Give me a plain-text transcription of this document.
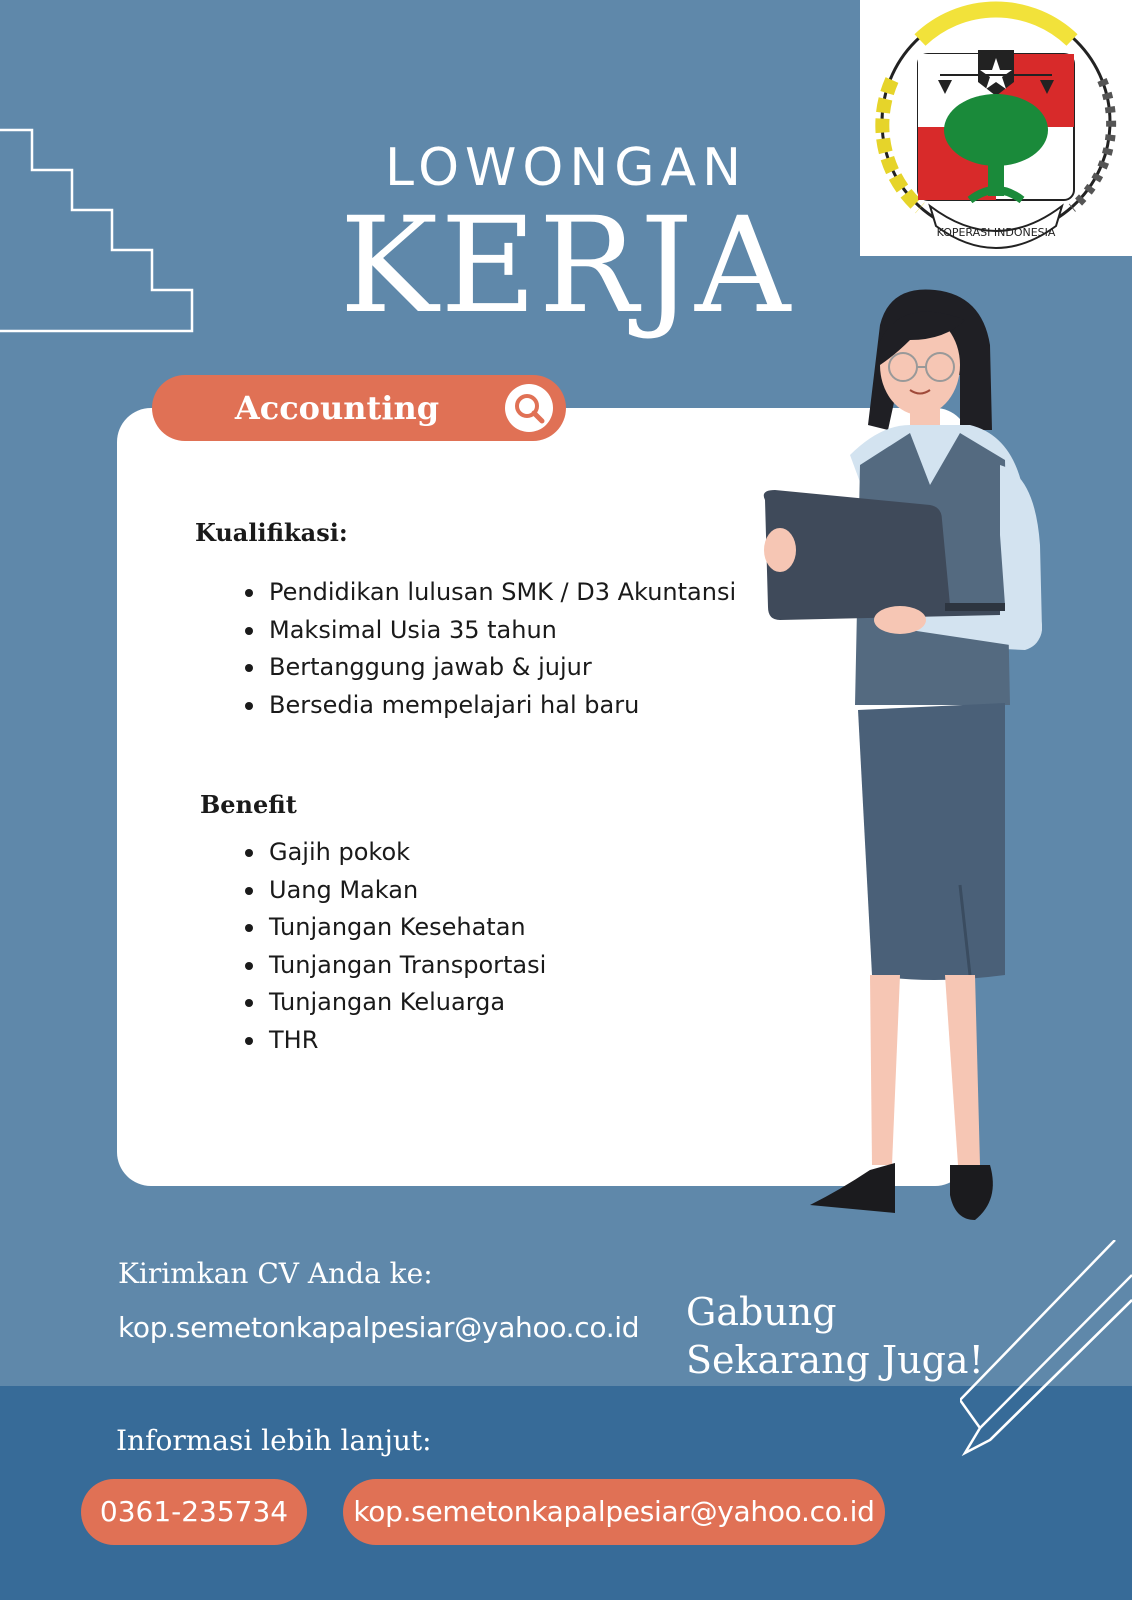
LOWONGAN
KERJA	KOPERASI INDONESIA
Accounting
Kualifikasi:
Pendidikan lulusan SMK / D3 Akuntansi
Maksimal Usia 35 tahun
Bertanggung jawab & jujur
Bersedia mempelajari hal baru
Benefit
Gajih pokok
Uang Makan
Tunjangan Kesehatan
Tunjangan Transportasi
Tunjangan Keluarga
THR
Kirimkan CV Anda ke:
kop.semetonkapalpesiar@yahoo.co.id Gabung
Sekarang Juga!
Informasi lebih lanjut:
0361-235734	kop.semetonkapalpesiar@yahoo.co.id
